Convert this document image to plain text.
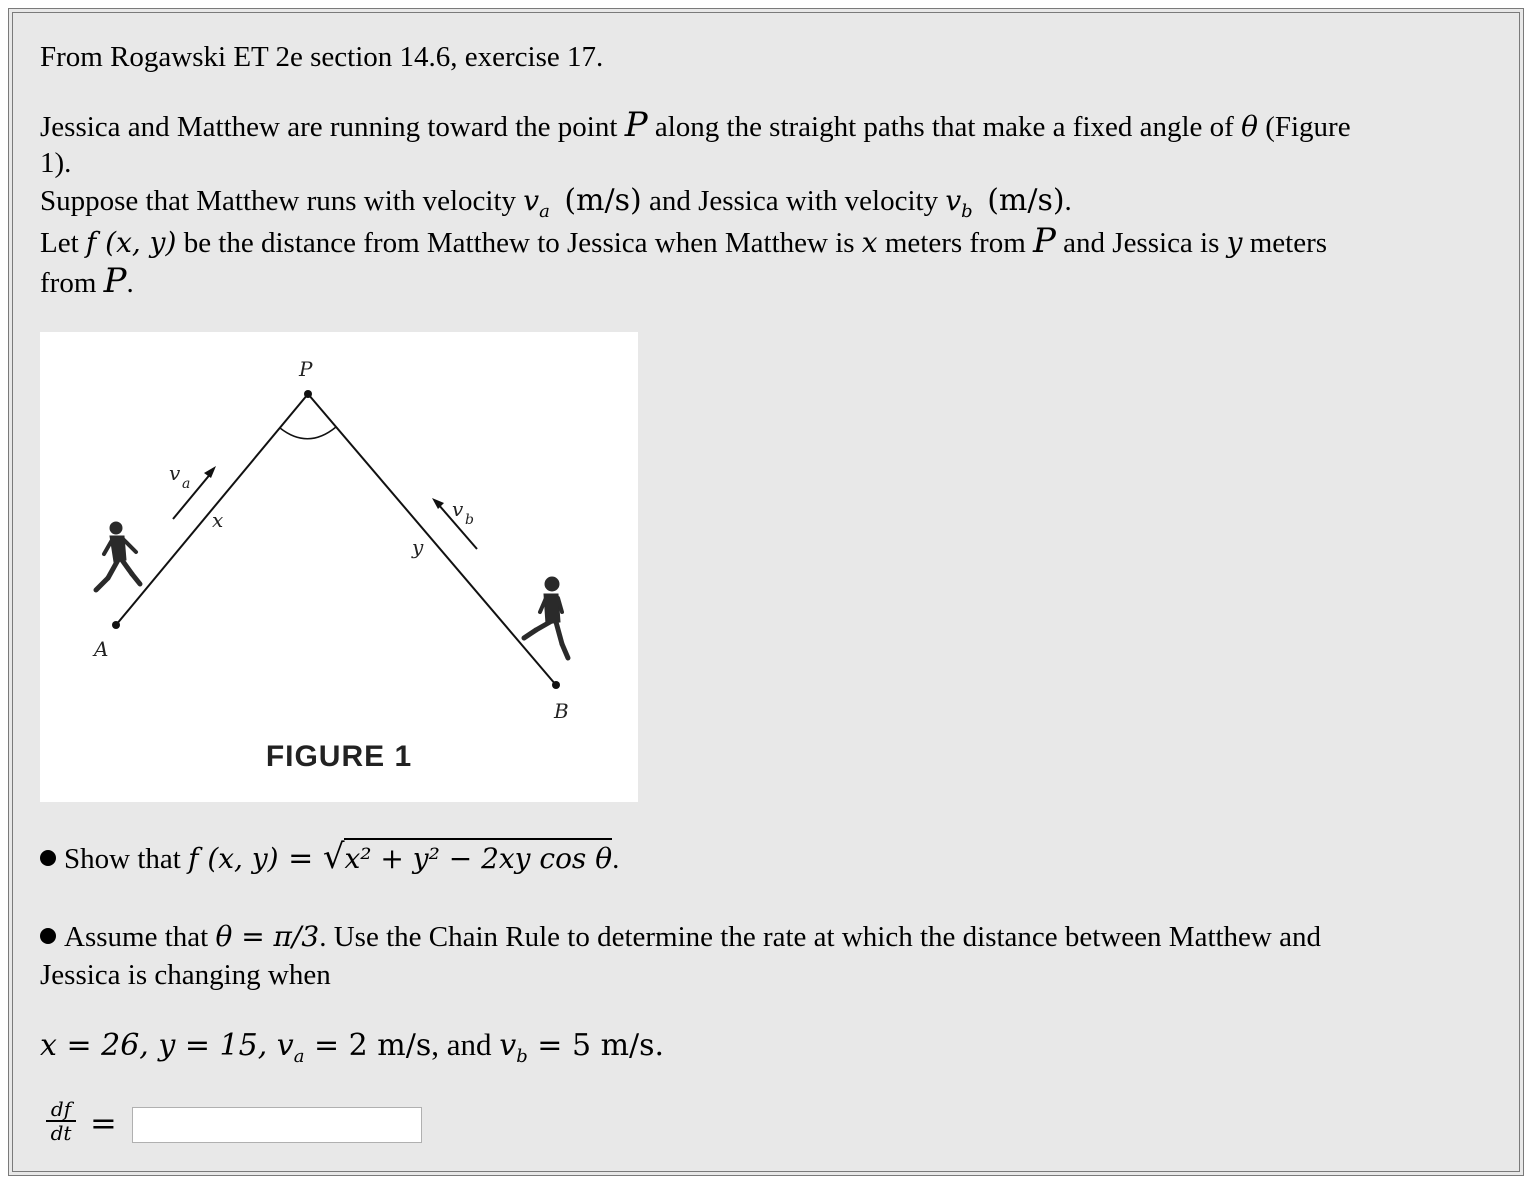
From Rogawski ET 2e section 14.6, exercise 17.
Jessica and Matthew are running toward the point P along the straight paths that make a fixed angle of θ (Figure
1).
Suppose that Matthew runs with velocity $v_a$ (m/s) and Jessica with velocity $v_b$ (m/s).
Let f (x, y) be the distance from Matthew to Jessica when Matthew is x meters from P and Jessica is y meters
from P.
P
A
B
x
y
v a
v b
FIGURE 1
Show that f (x, y) = √x² + y² − 2xy cos θ.
Assume that θ = π/3. Use the Chain Rule to determine the rate at which the distance between Matthew and
Jessica is changing when
x = 26, y = 15, $v_a = 2$ m/s, and $v_b = 5$ m/s.
$\frac{df}{dt}$ =
